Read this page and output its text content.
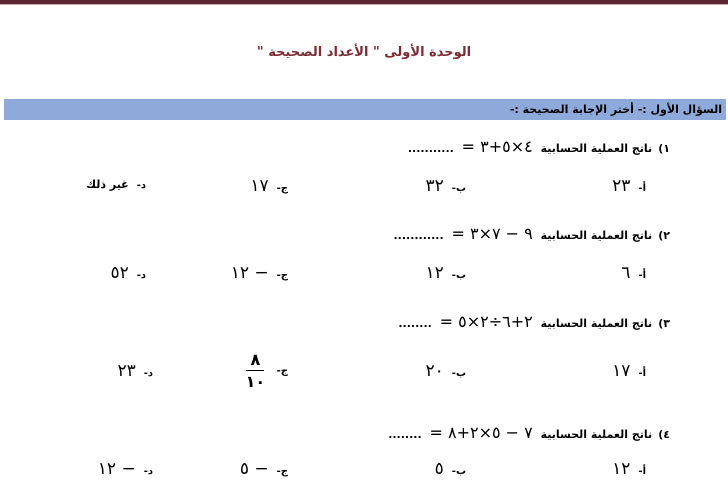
الوحدة الأولى " الأعداد الصحيحة "
السؤال الأول :- أختر الإجابة الصحيحة :-
١) ناتج العملية الحسابية ٤×٥+٣ = ...........
أ-٢٣
ب-٣٢
ج-١٧
د-غير ذلك
٢) ناتج العملية الحسابية ٩ − ٧×٣ = ............
أ-٦
ب-١٢
ج-− ١٢
د-٥٢
٣) ناتج العملية الحسابية ٢+٦÷٢×٥ = ........
أ-١٧
ب-٢٠
ج-
$\frac{٨}{١٠}$
د-٢٣
٤) ناتج العملية الحسابية ٧ − ٥×٢+٨ = ........
أ-١٢
ب-٥
ج-− ٥
د-− ١٢
